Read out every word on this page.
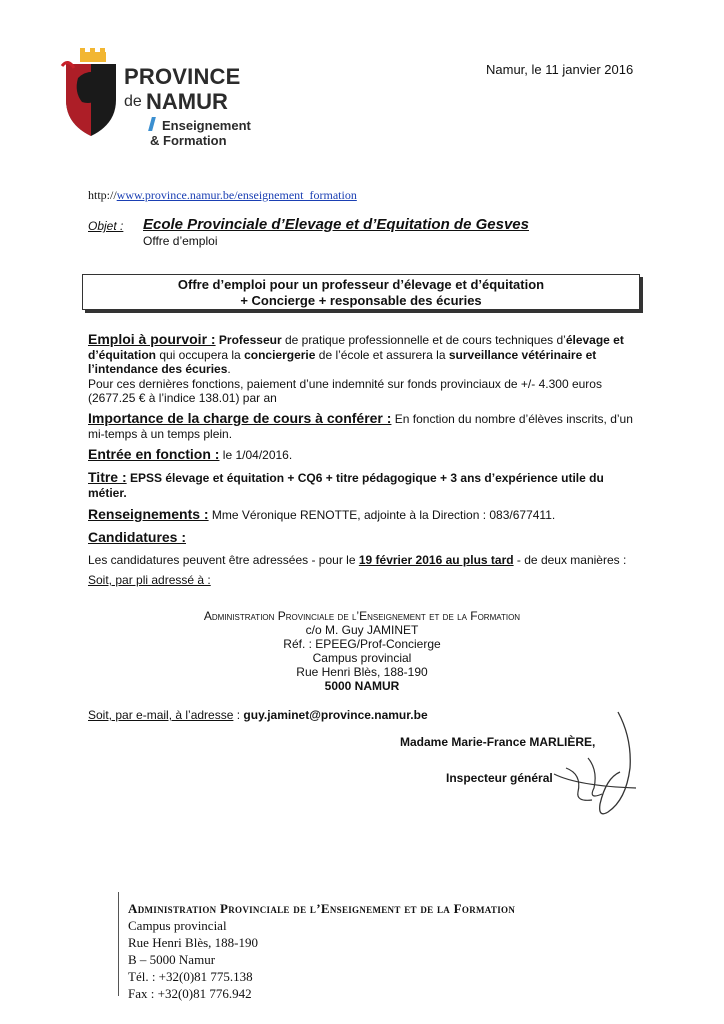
PROVINCE
de NAMUR
Enseignement
& Formation
Namur, le 11 janvier 2016
http://www.province.namur.be/enseignement_formation
Objet : Ecole Provinciale d’Elevage et d’Equitation de Gesves
Offre d’emploi
Offre d’emploi pour un professeur d’élevage et d’équitation
+ Concierge + responsable des écuries
Emploi à pourvoir : Professeur de pratique professionnelle et de cours techniques d’élevage et d’équitation qui occupera la conciergerie de l’école et assurera la surveillance vétérinaire et l’intendance des écuries.
Pour ces dernières fonctions, paiement d’une indemnité sur fonds provinciaux de +/- 4.300 euros (2677.25 € à l’indice 138.01) par an
Importance de la charge de cours à conférer : En fonction du nombre d’élèves inscrits, d’un mi-temps à un temps plein.
Entrée en fonction : le 1/04/2016.
Titre : EPSS élevage et équitation + CQ6 + titre pédagogique + 3 ans d’expérience utile du métier.
Renseignements : Mme Véronique RENOTTE, adjointe à la Direction : 083/677411.
Candidatures :
Les candidatures peuvent être adressées - pour le 19 février 2016 au plus tard - de deux manières :
Soit, par pli adressé à :
Administration Provinciale de l’Enseignement et de la Formation
c/o M. Guy JAMINET
Réf. : EPEEG/Prof-Concierge
Campus provincial
Rue Henri Blès, 188-190
5000 NAMUR
Soit, par e-mail, à l’adresse : guy.jaminet@province.namur.be
Madame Marie-France MARLIÈRE,
Inspecteur général
Administration Provinciale de l’Enseignement et de la Formation
Campus provincial
Rue Henri Blès, 188-190
B – 5000 Namur
Tél. : +32(0)81 775.138
Fax : +32(0)81 776.942
